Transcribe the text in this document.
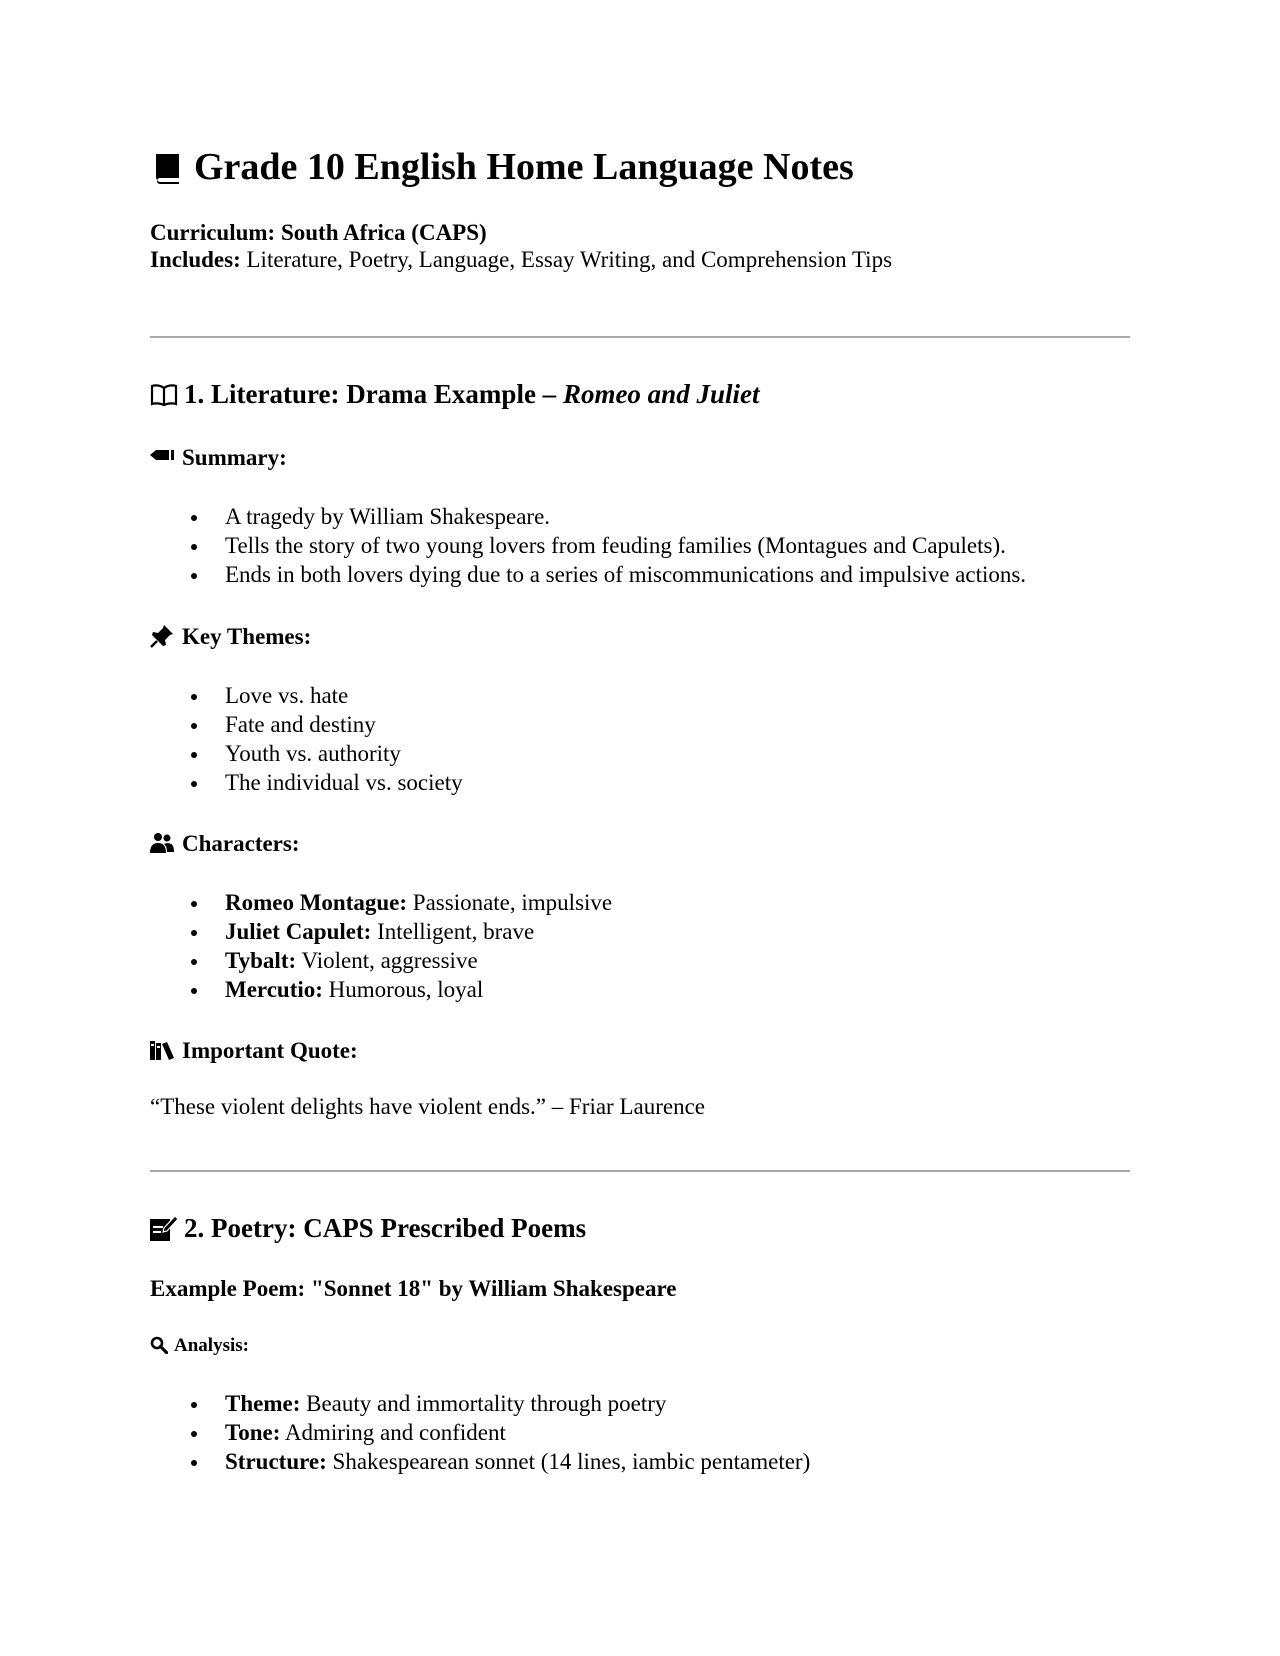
Grade 10 English Home Language Notes
Curriculum: South Africa (CAPS)
Includes: Literature, Poetry, Language, Essay Writing, and Comprehension Tips
1. Literature: Drama Example – Romeo and Juliet
Summary:
A tragedy by William Shakespeare.
Tells the story of two young lovers from feuding families (Montagues and Capulets).
Ends in both lovers dying due to a series of miscommunications and impulsive actions.
Key Themes:
Love vs. hate
Fate and destiny
Youth vs. authority
The individual vs. society
Characters:
Romeo Montague: Passionate, impulsive
Juliet Capulet: Intelligent, brave
Tybalt: Violent, aggressive
Mercutio: Humorous, loyal
Important Quote:
“These violent delights have violent ends.” – Friar Laurence
2. Poetry: CAPS Prescribed Poems
Example Poem: "Sonnet 18" by William Shakespeare
Analysis:
Theme: Beauty and immortality through poetry
Tone: Admiring and confident
Structure: Shakespearean sonnet (14 lines, iambic pentameter)
